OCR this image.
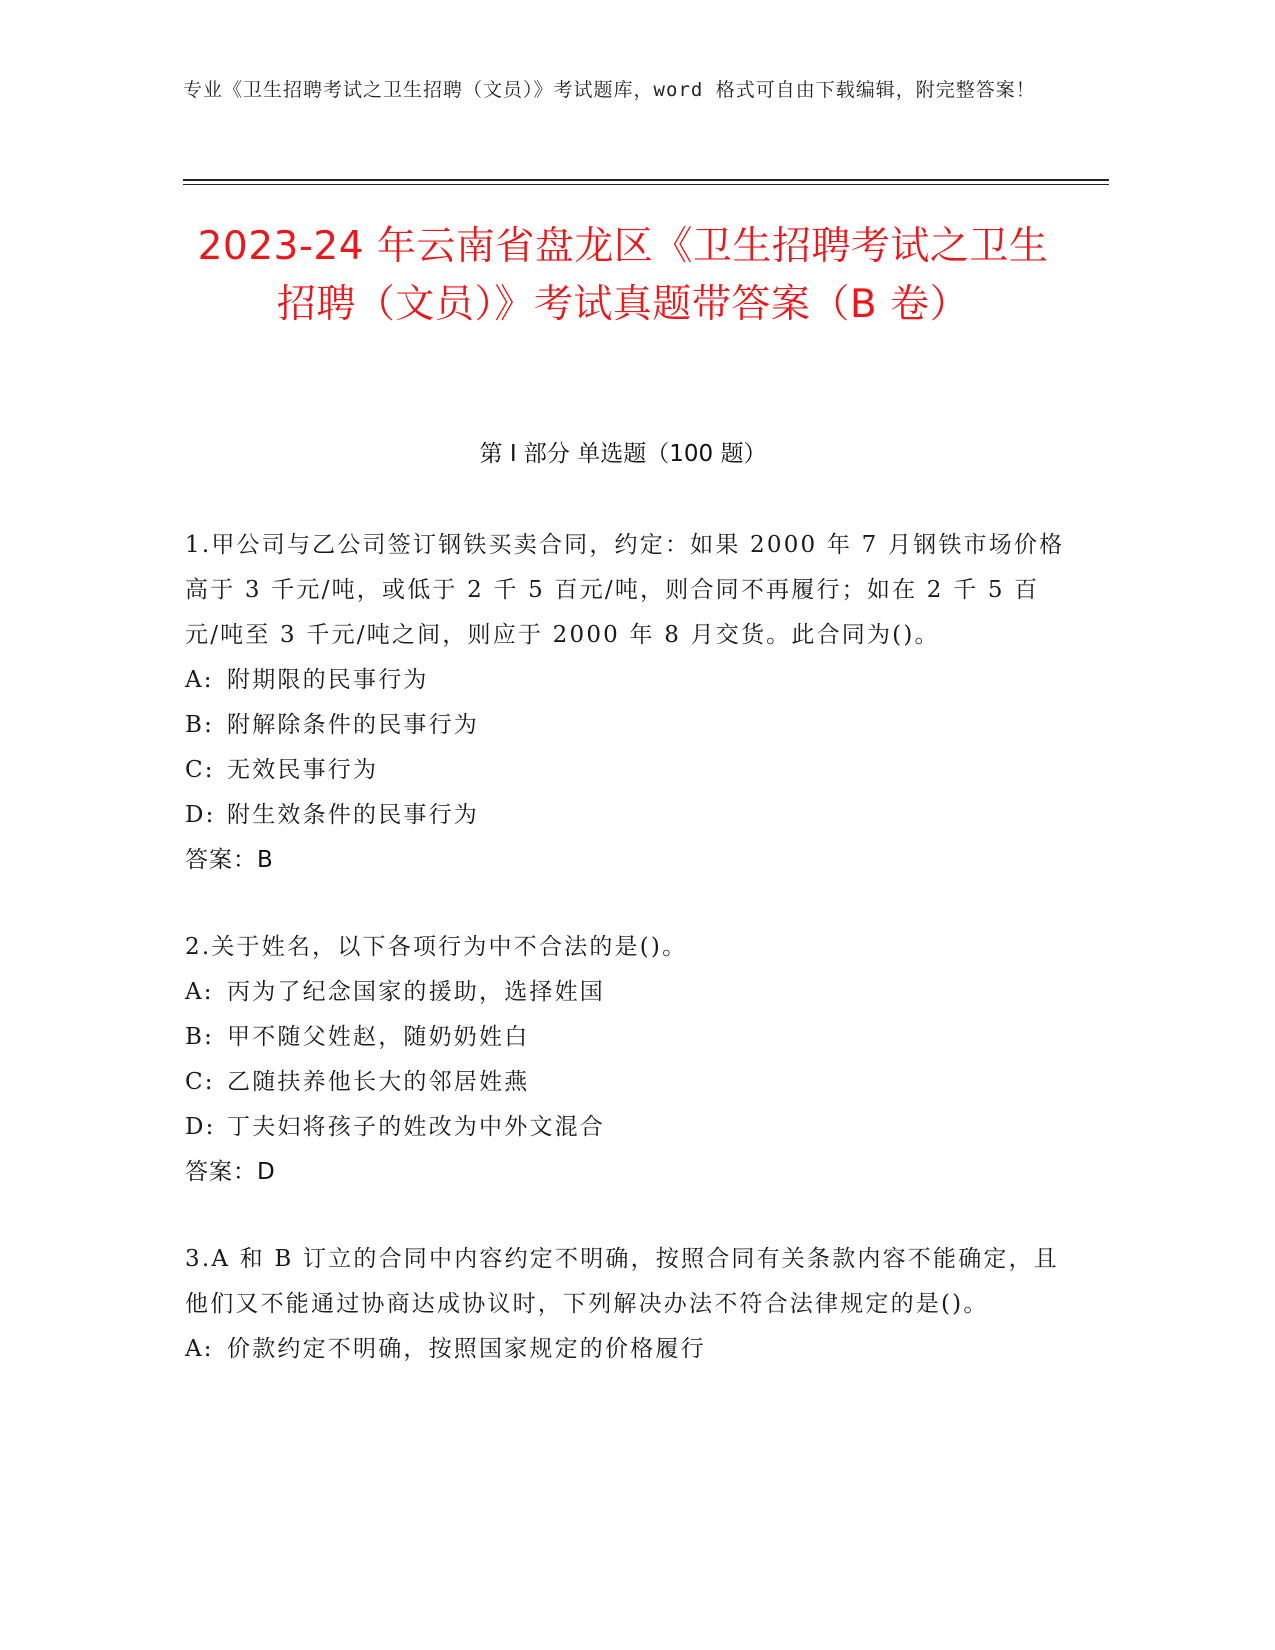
专业《卫生招聘考试之卫生招聘（文员）》考试题库，word 格式可自由下载编辑，附完整答案！
2023-24 年云南省盘龙区《卫生招聘考试之卫生招聘（文员）》考试真题带答案（B 卷）
第 I 部分 单选题（100 题）
1.甲公司与乙公司签订钢铁买卖合同，约定：如果 2000 年 7 月钢铁市场价格高于 3 千元/吨，或低于 2 千 5 百元/吨，则合同不再履行；如在 2 千 5 百元/吨至 3 千元/吨之间，则应于 2000 年 8 月交货。此合同为()。
A: 附期限的民事行为
B: 附解除条件的民事行为
C: 无效民事行为
D: 附生效条件的民事行为
答案：B
2.关于姓名，以下各项行为中不合法的是()。
A: 丙为了纪念国家的援助，选择姓国
B: 甲不随父姓赵，随奶奶姓白
C: 乙随扶养他长大的邻居姓燕
D: 丁夫妇将孩子的姓改为中外文混合
答案：D
3.A 和 B 订立的合同中内容约定不明确，按照合同有关条款内容不能确定，且他们又不能通过协商达成协议时，下列解决办法不符合法律规定的是()。
A: 价款约定不明确，按照国家规定的价格履行
